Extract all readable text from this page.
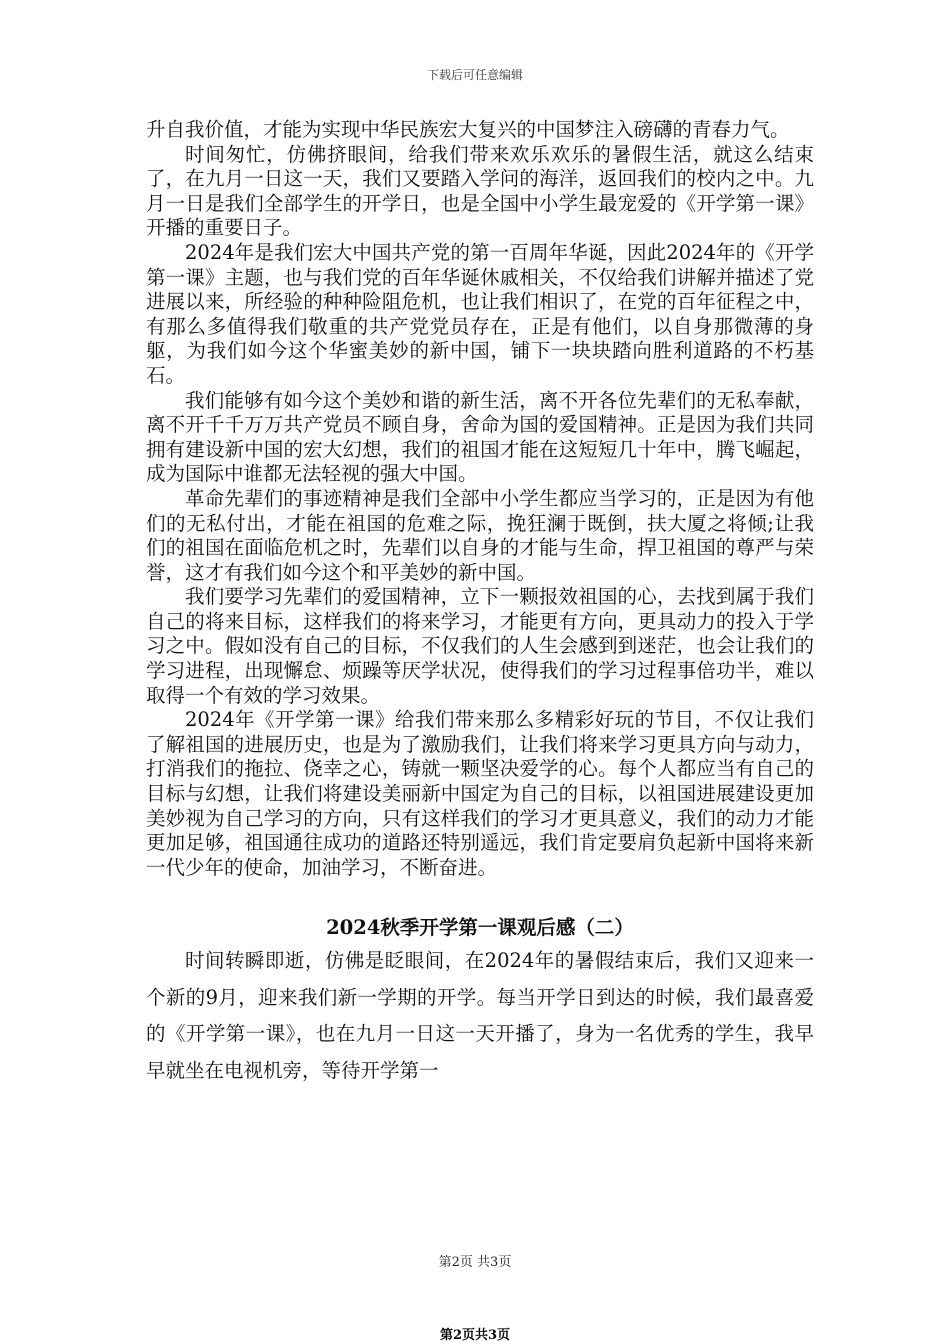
下载后可任意编辑

升自我价值，才能为实现中华民族宏大复兴的中国梦注入磅礴的青春力气。

时间匆忙，仿佛挤眼间，给我们带来欢乐欢乐的暑假生活，就这么结束了，在九月一日这一天，我们又要踏入学问的海洋，返回我们的校内之中。九月一日是我们全部学生的开学日，也是全国中小学生最宠爱的《开学第一课》开播的重要日子。

2024年是我们宏大中国共产党的第一百周年华诞，因此2024年的《开学第一课》主题，也与我们党的百年华诞休戚相关，不仅给我们讲解并描述了党进展以来，所经验的种种险阻危机，也让我们相识了，在党的百年征程之中，有那么多值得我们敬重的共产党党员存在，正是有他们，以自身那微薄的身躯，为我们如今这个华蜜美妙的新中国，铺下一块块踏向胜利道路的不朽基石。

我们能够有如今这个美妙和谐的新生活，离不开各位先辈们的无私奉献，离不开千千万万共产党员不顾自身，舍命为国的爱国精神。正是因为我们共同拥有建设新中国的宏大幻想，我们的祖国才能在这短短几十年中，腾飞崛起，成为国际中谁都无法轻视的强大中国。

革命先辈们的事迹精神是我们全部中小学生都应当学习的，正是因为有他们的无私付出，才能在祖国的危难之际，挽狂澜于既倒，扶大厦之将倾;让我们的祖国在面临危机之时，先辈们以自身的才能与生命，捍卫祖国的尊严与荣誉，这才有我们如今这个和平美妙的新中国。

我们要学习先辈们的爱国精神，立下一颗报效祖国的心，去找到属于我们自己的将来目标，这样我们的将来学习，才能更有方向，更具动力的投入于学习之中。假如没有自己的目标，不仅我们的人生会感到到迷茫，也会让我们的学习进程，出现懈怠、烦躁等厌学状况，使得我们的学习过程事倍功半，难以取得一个有效的学习效果。

2024年《开学第一课》给我们带来那么多精彩好玩的节目，不仅让我们了解祖国的进展历史，也是为了激励我们，让我们将来学习更具方向与动力，打消我们的拖拉、侥幸之心，铸就一颗坚决爱学的心。每个人都应当有自己的目标与幻想，让我们将建设美丽新中国定为自己的目标，以祖国进展建设更加美妙视为自己学习的方向，只有这样我们的学习才更具意义，我们的动力才能更加足够，祖国通往成功的道路还特别遥远，我们肯定要肩负起新中国将来新一代少年的使命，加油学习，不断奋进。

2024秋季开学第一课观后感（二）

时间转瞬即逝，仿佛是眨眼间，在2024年的暑假结束后，我们又迎来一个新的9月，迎来我们新一学期的开学。每当开学日到达的时候，我们最喜爱的《开学第一课》，也在九月一日这一天开播了，身为一名优秀的学生，我早早就坐在电视机旁，等待开学第一

第2页 共3页
第2页共3页
